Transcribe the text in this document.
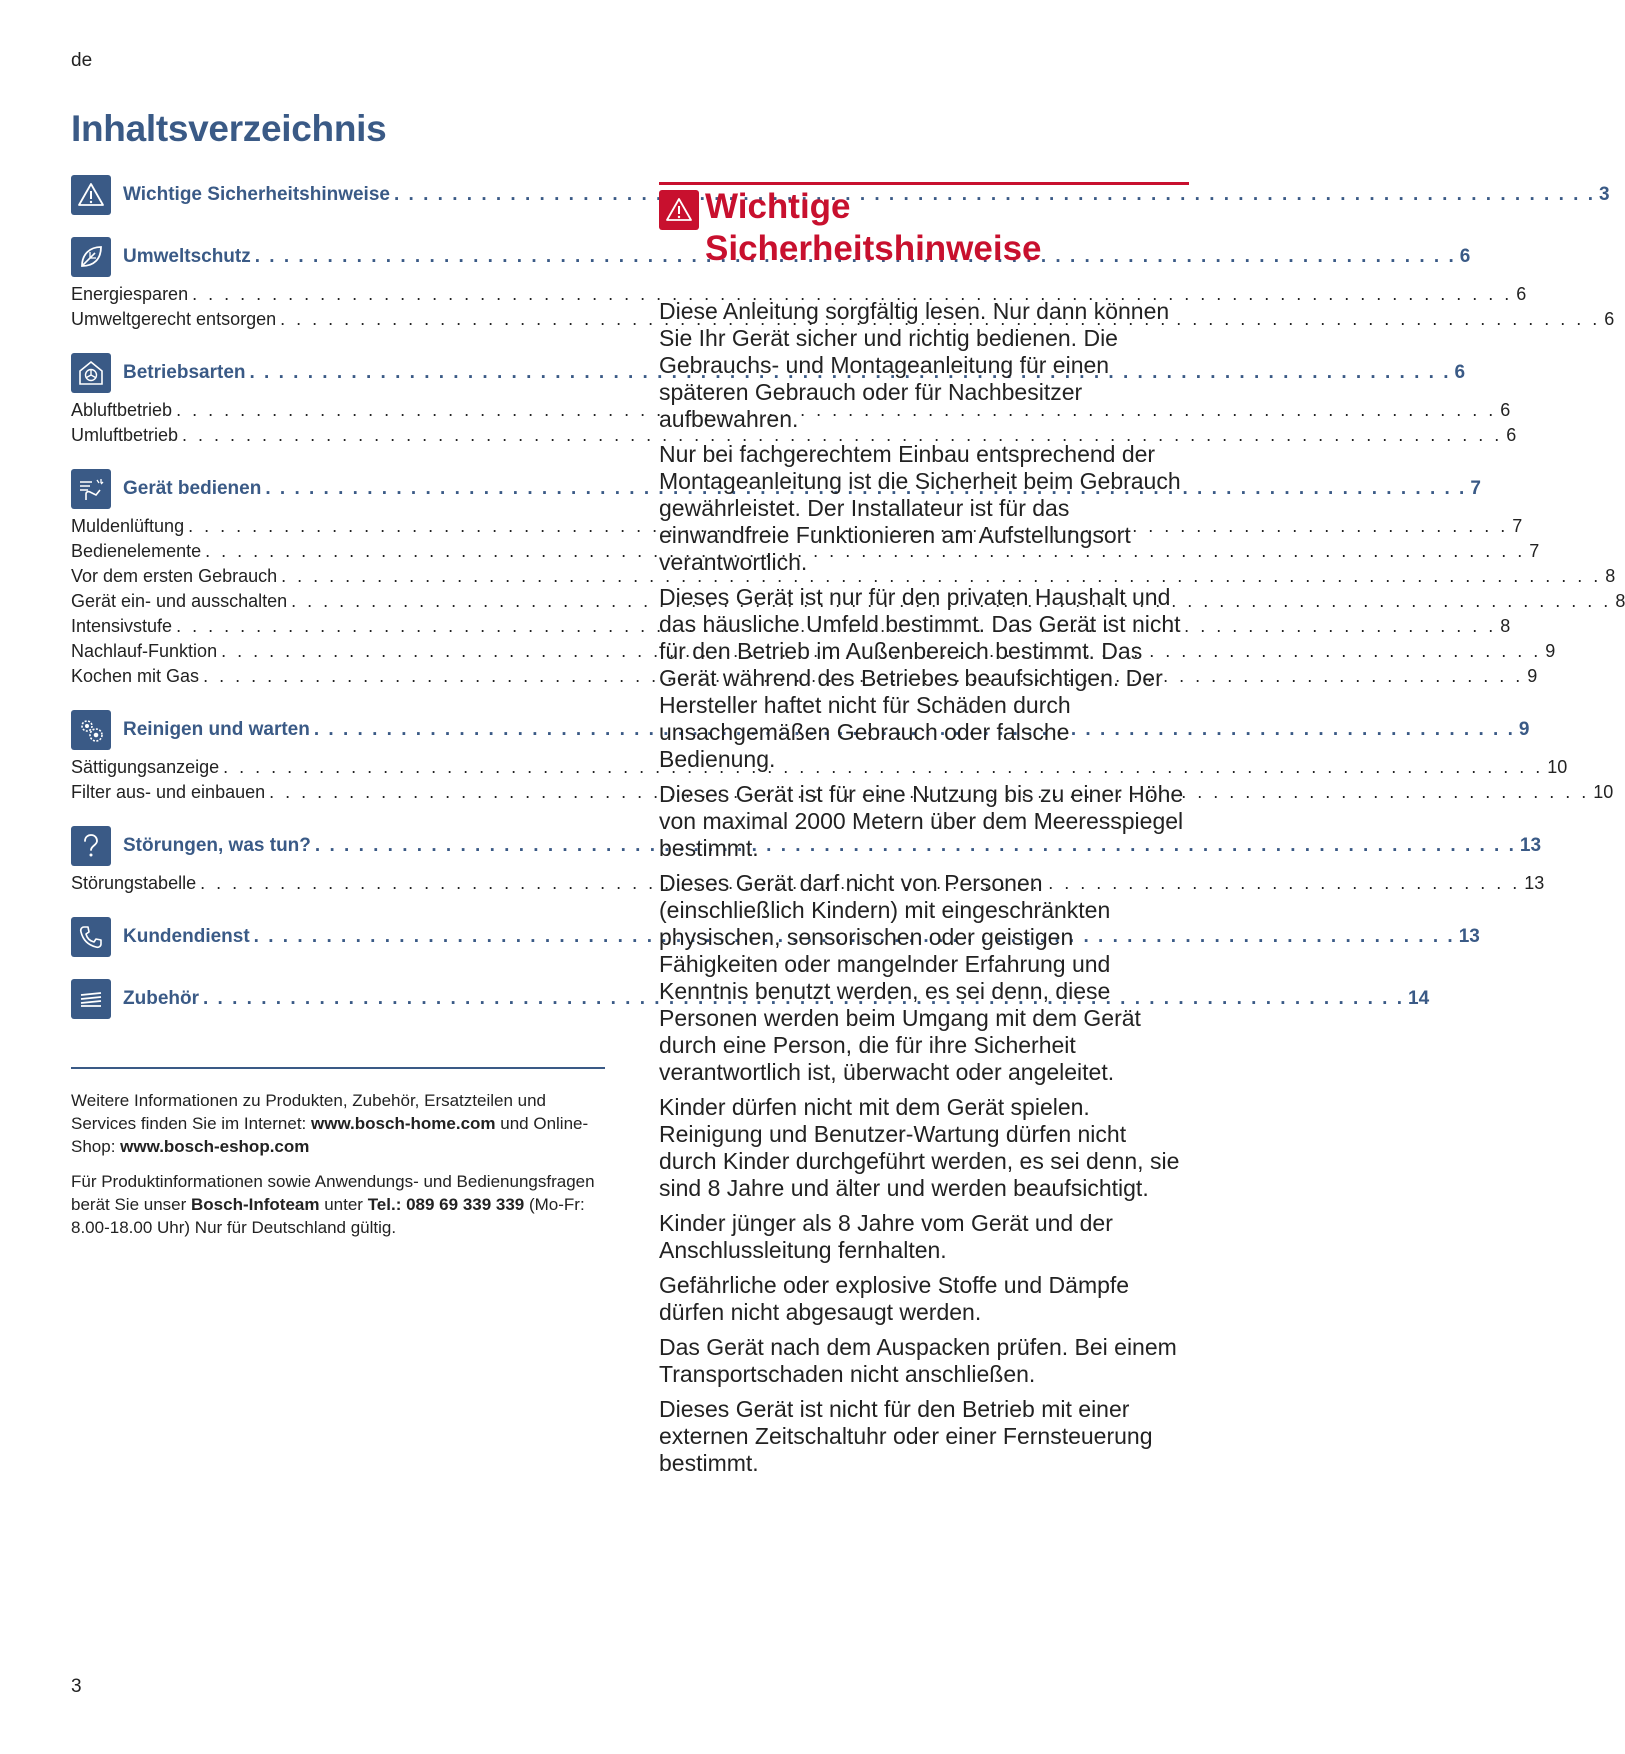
de
Inhaltsverzeichnis
Wichtige Sicherheitshinweise . . .	3
Umweltschutz . . .	6
Energiesparen . . .	6
Umweltgerecht entsorgen . . .	6
Betriebsarten . . .	6
Abluftbetrieb . . .	6
Umluftbetrieb . . .	6
Gerät bedienen . . .	7
Muldenlüftung . . .	7
Bedienelemente . . .	7
Vor dem ersten Gebrauch . . .	8
Gerät ein- und ausschalten . . .	8
Intensivstufe . . .	8
Nachlauf-Funktion . . .	9
Kochen mit Gas . . .	9
Reinigen und warten . . .	9
Sättigungsanzeige . . .	10
Filter aus- und einbauen . . .	10
Störungen, was tun? . . .	13
Störungstabelle . . .	13
Kundendienst . . .	13
Zubehör . . .	14

Weitere Informationen zu Produkten, Zubehör, Ersatzteilen und Services finden Sie im Internet: www.bosch-home.com und Online-Shop: www.bosch-eshop.com

Für Produktinformationen sowie Anwendungs- und Bedienungsfragen berät Sie unser Bosch-Infoteam unter Tel.: 089 69 339 339 (Mo-Fr: 8.00-18.00 Uhr) Nur für Deutschland gültig.

Wichtige
Sicherheitshinweise

Diese Anleitung sorgfältig lesen. Nur dann können Sie Ihr Gerät sicher und richtig bedienen. Die Gebrauchs- und Montageanleitung für einen späteren Gebrauch oder für Nachbesitzer aufbewahren.

Nur bei fachgerechtem Einbau entsprechend der Montageanleitung ist die Sicherheit beim Gebrauch gewährleistet. Der Installateur ist für das einwandfreie Funktionieren am Aufstellungsort verantwortlich.

Dieses Gerät ist nur für den privaten Haushalt und das häusliche Umfeld bestimmt. Das Gerät ist nicht für den Betrieb im Außenbereich bestimmt. Das Gerät während des Betriebes beaufsichtigen. Der Hersteller haftet nicht für Schäden durch unsachgemäßen Gebrauch oder falsche Bedienung.

Dieses Gerät ist für eine Nutzung bis zu einer Höhe von maximal 2000 Metern über dem Meeresspiegel bestimmt.

Dieses Gerät darf nicht von Personen (einschließlich Kindern) mit eingeschränkten physischen, sensorischen oder geistigen Fähigkeiten oder mangelnder Erfahrung und Kenntnis benutzt werden, es sei denn, diese Personen werden beim Umgang mit dem Gerät durch eine Person, die für ihre Sicherheit verantwortlich ist, überwacht oder angeleitet.

Kinder dürfen nicht mit dem Gerät spielen. Reinigung und Benutzer-Wartung dürfen nicht durch Kinder durchgeführt werden, es sei denn, sie sind 8 Jahre und älter und werden beaufsichtigt.

Kinder jünger als 8 Jahre vom Gerät und der Anschlussleitung fernhalten.

Gefährliche oder explosive Stoffe und Dämpfe dürfen nicht abgesaugt werden.

Das Gerät nach dem Auspacken prüfen. Bei einem Transportschaden nicht anschließen.

Dieses Gerät ist nicht für den Betrieb mit einer externen Zeitschaltuhr oder einer Fernsteuerung bestimmt.

3
